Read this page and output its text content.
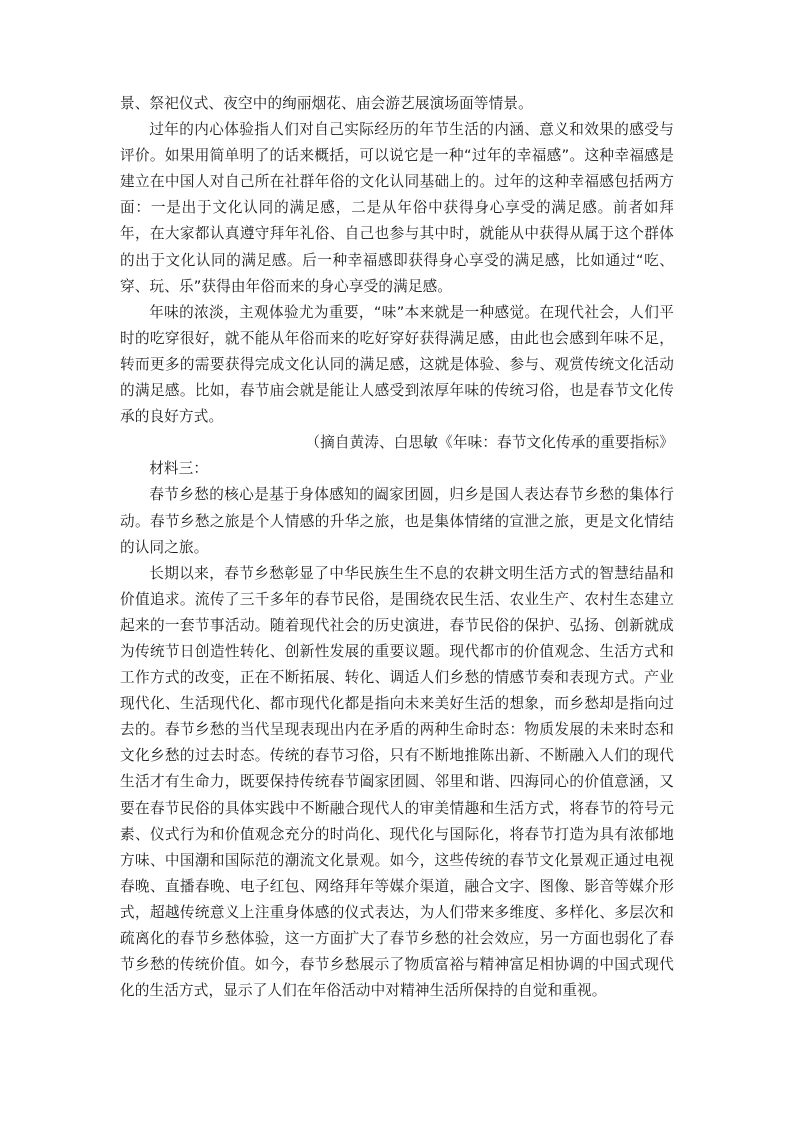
景、祭祀仪式、夜空中的绚丽烟花、庙会游艺展演场面等情景。

过年的内心体验指人们对自己实际经历的年节生活的内涵、意义和效果的感受与评价。如果用简单明了的话来概括，可以说它是一种“过年的幸福感”。这种幸福感是建立在中国人对自己所在社群年俗的文化认同基础上的。过年的这种幸福感包括两方面：一是出于文化认同的满足感，二是从年俗中获得身心享受的满足感。前者如拜年，在大家都认真遵守拜年礼俗、自己也参与其中时，就能从中获得从属于这个群体的出于文化认同的满足感。后一种幸福感即获得身心享受的满足感，比如通过“吃、穿、玩、乐”获得由年俗而来的身心享受的满足感。

年味的浓淡，主观体验尤为重要，“味”本来就是一种感觉。在现代社会，人们平时的吃穿很好，就不能从年俗而来的吃好穿好获得满足感，由此也会感到年味不足，转而更多的需要获得完成文化认同的满足感，这就是体验、参与、观赏传统文化活动的满足感。比如，春节庙会就是能让人感受到浓厚年味的传统习俗，也是春节文化传承的良好方式。

（摘自黄涛、白思敏《年味：春节文化传承的重要指标》

材料三：

春节乡愁的核心是基于身体感知的阖家团圆，归乡是国人表达春节乡愁的集体行动。春节乡愁之旅是个人情感的升华之旅，也是集体情绪的宣泄之旅，更是文化情结的认同之旅。

长期以来，春节乡愁彰显了中华民族生生不息的农耕文明生活方式的智慧结晶和价值追求。流传了三千多年的春节民俗，是围绕农民生活、农业生产、农村生态建立起来的一套节事活动。随着现代社会的历史演进，春节民俗的保护、弘扬、创新就成为传统节日创造性转化、创新性发展的重要议题。现代都市的价值观念、生活方式和工作方式的改变，正在不断拓展、转化、调适人们乡愁的情感节奏和表现方式。产业现代化、生活现代化、都市现代化都是指向未来美好生活的想象，而乡愁却是指向过去的。春节乡愁的当代呈现表现出内在矛盾的两种生命时态：物质发展的未来时态和文化乡愁的过去时态。传统的春节习俗，只有不断地推陈出新、不断融入人们的现代生活才有生命力，既要保持传统春节阖家团圆、邻里和谐、四海同心的价值意涵，又要在春节民俗的具体实践中不断融合现代人的审美情趣和生活方式，将春节的符号元素、仪式行为和价值观念充分的时尚化、现代化与国际化，将春节打造为具有浓郁地方味、中国潮和国际范的潮流文化景观。如今，这些传统的春节文化景观正通过电视春晚、直播春晚、电子红包、网络拜年等媒介渠道，融合文字、图像、影音等媒介形式，超越传统意义上注重身体感的仪式表达，为人们带来多维度、多样化、多层次和疏离化的春节乡愁体验，这一方面扩大了春节乡愁的社会效应，另一方面也弱化了春节乡愁的传统价值。如今，春节乡愁展示了物质富裕与精神富足相协调的中国式现代化的生活方式，显示了人们在年俗活动中对精神生活所保持的自觉和重视。
